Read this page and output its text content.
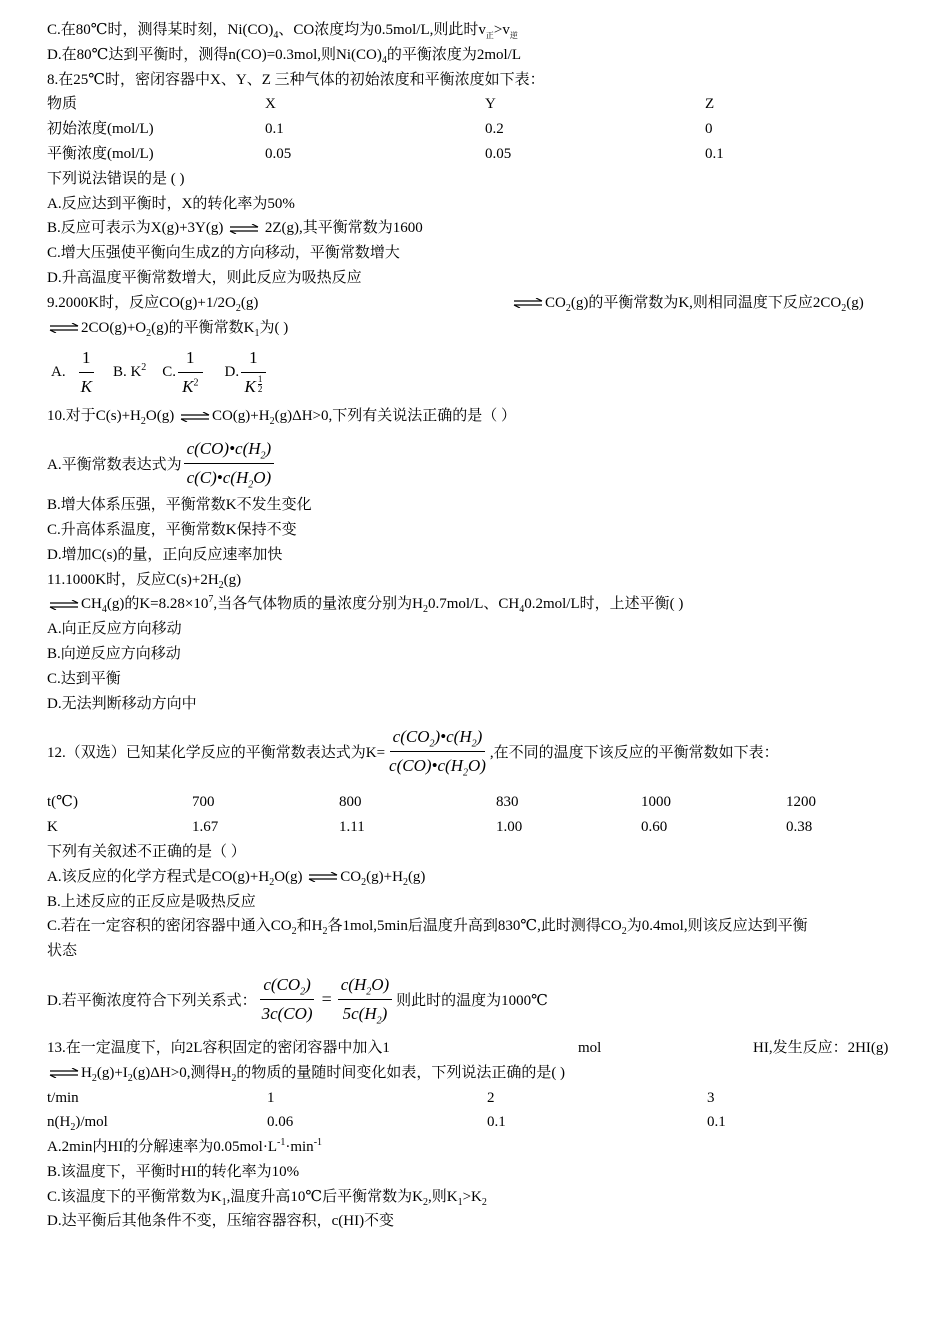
C.在80℃时，测得某时刻，$Ni(CO)_4$、CO浓度均为0.5mol/L,则此时$v_正>v_逆$
D.在80℃达到平衡时，测得n(CO)=0.3mol,则$Ni(CO)_4$的平衡浓度为2mol/L
8.在25℃时，密闭容器中X、Y、Z 三种气体的初始浓度和平衡浓度如下表：
物质	X	Y	Z
初始浓度(mol/L)	0.1	0.2	0
平衡浓度(mol/L)	0.05	0.05	0.1
下列说法错误的是 ( )
A.反应达到平衡时，X的转化率为50%
B.反应可表示为X(g)+3Y(g) ⇌ 2Z(g),其平衡常数为1600
C.增大压强使平衡向生成Z的方向移动，平衡常数增大
D.升高温度平衡常数增大，则此反应为吸热反应
9.2000K时，反应$CO(g)+1/2O_2(g)$	⇌ $CO_2(g)$的平衡常数为K,则相同温度下反应$2CO_2(g)$
⇌ $2CO(g)+O_2(g)$的平衡常数$K_1$为( )
A. $\frac{1}{K} B$. $K^2$ C. $\frac{1}{K^2} D$. $\frac{1}{K \frac{1}{2}}$
10.对于$C(s)+H_2O(g)$ ⇌ $CO(g)+H_2(g)\Delta H>0$,下列有关说法正确的是（ ）
A.平衡常数表达式为 $\frac{c(CO)•c(H_2)}{c(C)•c(H_2O)}$
B.增大体系压强，平衡常数K不发生变化
C.升高体系温度，平衡常数K保持不变
D.增加C(s)的量，正向反应速率加快
11.1000K时，反应$C(s)+2H_2(g)$
⇌ $CH_4(g)$的$K=8.28\times 10^7$,当各气体物质的量浓度分别为$H_20.7mol/L$、$CH_40.2mol/L$时，上述平衡( )
A.向正反应方向移动
B.向逆反应方向移动
C.达到平衡
D.无法判断移动方向中
12.（双选）已知某化学反应的平衡常数表达式为$K= \frac{c(CO_2)•c(H_2)}{c(CO)•c(H_2O)}$ ,在不同的温度下该反应的平衡常数如下表：
t(℃)	700	800	830	1000	1200
K	1.67	1.11	1.00	0.60	0.38
下列有关叙述不正确的是（ ）
A.该反应的化学方程式是$CO(g)+H_2O(g)$ ⇌ $CO_2(g)+H_2(g)$
B.上述反应的正反应是吸热反应
C.若在一定容积的密闭容器中通入$CO_2$和$H_2$各1mol,5min后温度升高到830℃,此时测得$CO_2$为0.4mol,则该反应达到平衡
状态
D.若平衡浓度符合下列关系式： $\frac{c(CO_2)}{3c(CO)} = \frac{c(H_2O)}{5c(H_2)}$ 则此时的温度为1000℃
13.在一定温度下，向2L容积固定的密闭容器中加入1	mol	HI,发生反应：2HI(g)
⇌ $H_2(g)+I_2(g)\Delta H>0$,测得$H_2$的物质的量随时间变化如表，下列说法正确的是( )
t/min	1	2	3
$n(H_2)$/mol	0.06	0.1	0.1
A.2min内HI的分解速率为$0.05mol\cdot L^{-1}\cdot\min^{-1}$
B.该温度下，平衡时HI的转化率为10%
C.该温度下的平衡常数为$K_1$,温度升高10℃后平衡常数为$K_2$,则$K_1>K_2$
D.达平衡后其他条件不变，压缩容器容积，c(HI)不变
